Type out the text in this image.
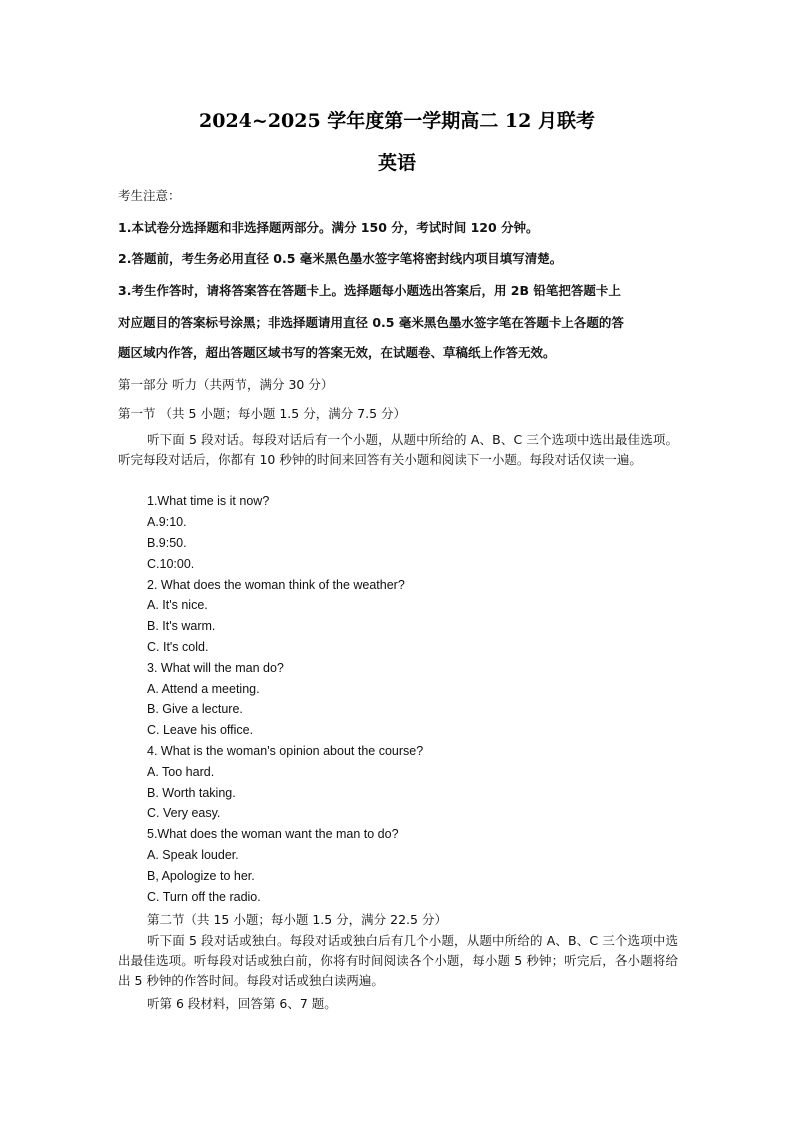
2024~2025 学年度第一学期高二 12 月联考
英语
考生注意：
1.本试卷分选择题和非选择题两部分。满分 150 分，考试时间 120 分钟。
2.答题前，考生务必用直径 0.5 毫米黑色墨水签字笔将密封线内项目填写清楚。
3.考生作答时，请将答案答在答题卡上。选择题每小题选出答案后，用 2B 铅笔把答题卡上
对应题目的答案标号涂黑；非选择题请用直径 0.5 毫米黑色墨水签字笔在答题卡上各题的答
题区域内作答，超出答题区域书写的答案无效，在试题卷、草稿纸上作答无效。
第一部分 听力（共两节，满分 30 分）
第一节 （共 5 小题；每小题 1.5 分，满分 7.5 分）
听下面 5 段对话。每段对话后有一个小题，从题中所给的 A、B、C 三个选项中选出最佳选项。听完每段对话后，你都有 10 秒钟的时间来回答有关小题和阅读下一小题。每段对话仅读一遍。
1.What time is it now?
A.9:10.
B.9:50.
C.10:00.
2. What does the woman think of the weather?
A. It's nice.
B. It's warm.
C. It's cold.
3. What will the man do?
A. Attend a meeting.
B. Give a lecture.
C. Leave his office.
4. What is the woman's opinion about the course?
A. Too hard.
B. Worth taking.
C. Very easy.
5.What does the woman want the man to do?
A. Speak louder.
B, Apologize to her.
C. Turn off the radio.
第二节（共 15 小题；每小题 1.5 分，满分 22.5 分）
听下面 5 段对话或独白。每段对话或独白后有几个小题，从题中所给的 A、B、C 三个选项中选出最佳选项。听每段对话或独白前，你将有时间阅读各个小题，每小题 5 秒钟；听完后，各小题将给出 5 秒钟的作答时间。每段对话或独白读两遍。
听第 6 段材料，回答第 6、7 题。
